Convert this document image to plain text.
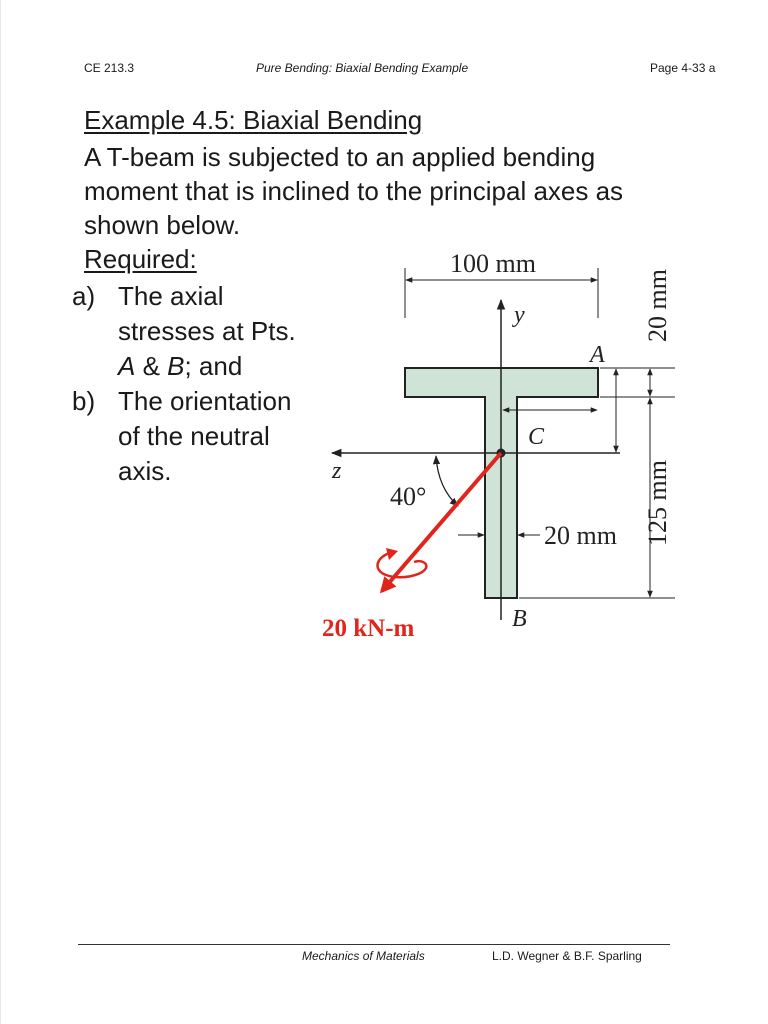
CE 213.3	Pure Bending: Biaxial Bending Example	Page 4-33 a
Example 4.5: Biaxial Bending
A T-beam is subjected to an applied bending moment that is inclined to the principal axes as shown below.
Required:
a) The axial stresses at Pts. A & B; and
b) The orientation of the neutral axis.
100 mm
20 mm
125 mm
20 mm
40°
20 kN-m
y
z
A
B
C
Mechanics of Materials	L.D. Wegner & B.F. Sparling
